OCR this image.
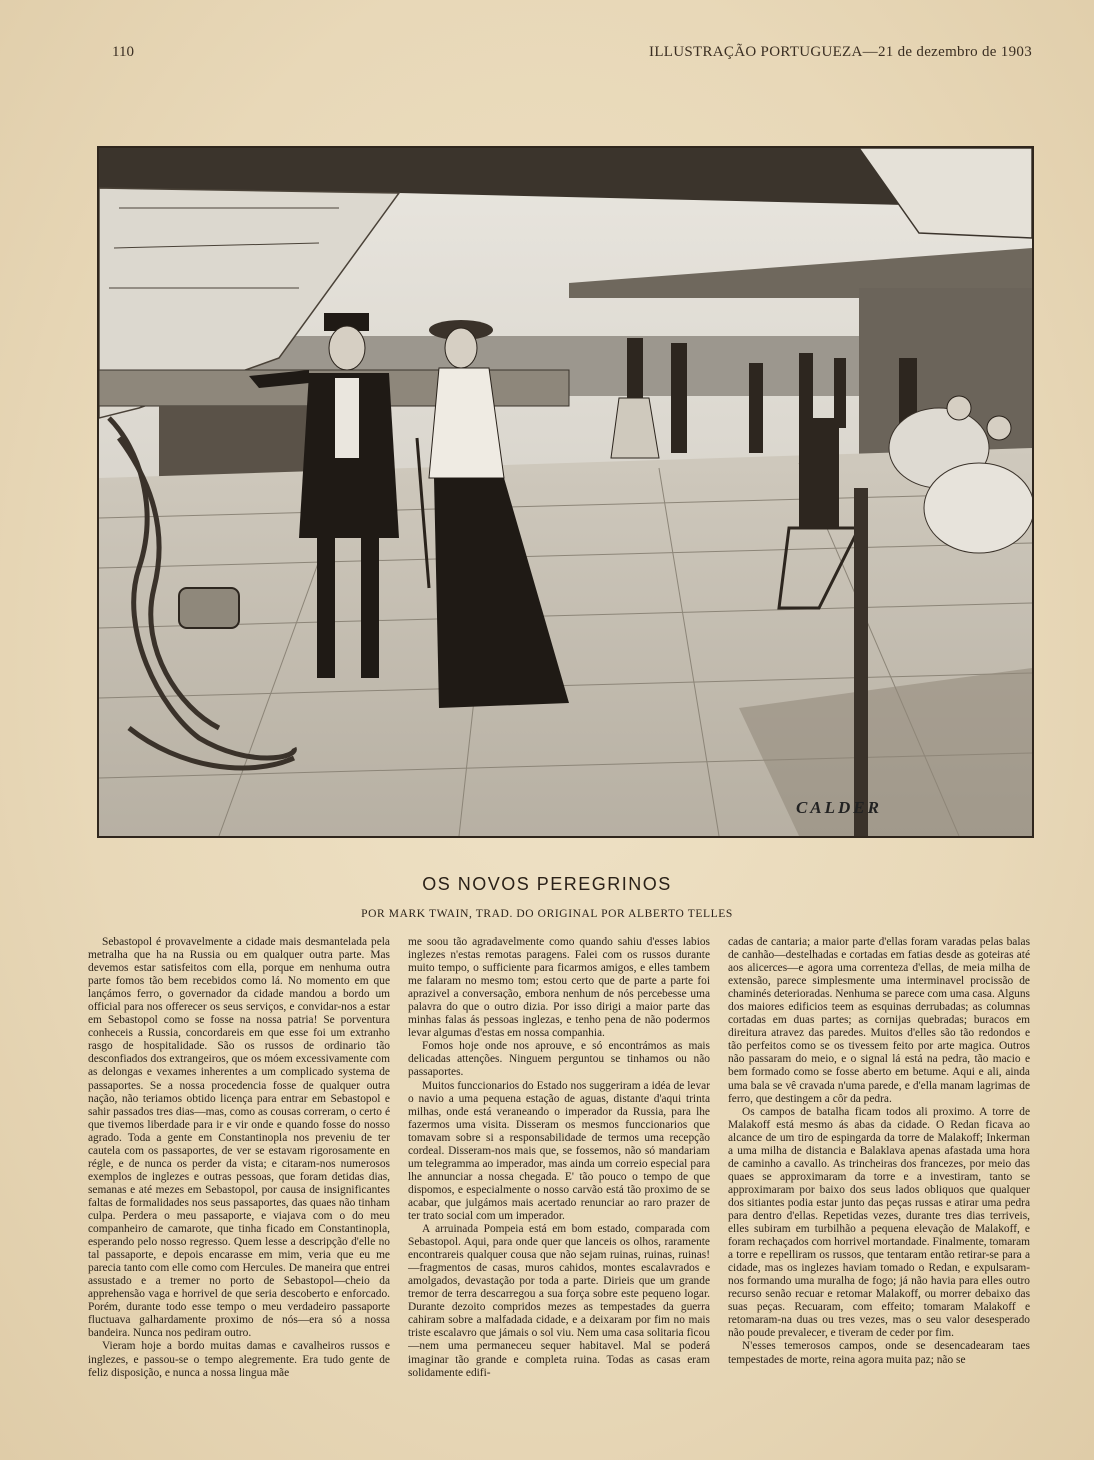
110	ILLUSTRAÇÃO PORTUGUEZA—21 de dezembro de 1903
CALDER
OS NOVOS PEREGRINOS
POR MARK TWAIN, TRAD. DO ORIGINAL POR ALBERTO TELLES

Sebastopol é provavelmente a cidade mais desmantelada pela metralha que ha na Russia ou em qualquer outra parte. Mas devemos estar satisfeitos com ella, porque em nenhuma outra parte fomos tão bem recebidos como lá. No momento em que lançámos ferro, o governador da cidade mandou a bordo um official para nos offerecer os seus serviços, e convidar-nos a estar em Sebastopol como se fosse na nossa patria! Se porventura conheceis a Russia, concordareis em que esse foi um extranho rasgo de hospitalidade. São os russos de ordinario tão desconfiados dos extrangeiros, que os móem excessivamente com as delongas e vexames inherentes a um complicado systema de passaportes. Se a nossa procedencia fosse de qualquer outra nação, não teriamos obtido licença para entrar em Sebastopol e sahir passados tres dias—mas, como as cousas correram, o certo é que tivemos liberdade para ir e vir onde e quando fosse do nosso agrado. Toda a gente em Constantinopla nos preveniu de ter cautela com os passaportes, de ver se estavam rigorosamente en régle, e de nunca os perder da vista; e citaram-nos numerosos exemplos de inglezes e outras pessoas, que foram detidas dias, semanas e até mezes em Sebastopol, por causa de insignificantes faltas de formalidades nos seus passaportes, das quaes não tinham culpa. Perdera o meu passaporte, e viajava com o do meu companheiro de camarote, que tinha ficado em Constantinopla, esperando pelo nosso regresso. Quem lesse a descripção d'elle no tal passaporte, e depois encarasse em mim, veria que eu me parecia tanto com elle como com Hercules. De maneira que entrei assustado e a tremer no porto de Sebastopol—cheio da apprehensão vaga e horrivel de que seria descoberto e enforcado. Porém, durante todo esse tempo o meu verdadeiro passaporte fluctuava galhardamente proximo de nós—era só a nossa bandeira. Nunca nos pediram outro.

Vieram hoje a bordo muitas damas e cavalheiros russos e inglezes, e passou-se o tempo alegremente. Era tudo gente de feliz disposição, e nunca a nossa lingua mãe

me soou tão agradavelmente como quando sahiu d'esses labios inglezes n'estas remotas paragens. Falei com os russos durante muito tempo, o sufficiente para ficarmos amigos, e elles tambem me falaram no mesmo tom; estou certo que de parte a parte foi aprazivel a conversação, embora nenhum de nós percebesse uma palavra do que o outro dizia. Por isso dirigi a maior parte das minhas falas ás pessoas inglezas, e tenho pena de não podermos levar algumas d'estas em nossa companhia.

Fomos hoje onde nos aprouve, e só encontrámos as mais delicadas attenções. Ninguem perguntou se tinhamos ou não passaportes.

Muitos funccionarios do Estado nos suggeriram a idéa de levar o navio a uma pequena estação de aguas, distante d'aqui trinta milhas, onde está veraneando o imperador da Russia, para lhe fazermos uma visita. Disseram os mesmos funccionarios que tomavam sobre si a responsabilidade de termos uma recepção cordeal. Disseram-nos mais que, se fossemos, não só mandariam um telegramma ao imperador, mas ainda um correio especial para lhe annunciar a nossa chegada. E' tão pouco o tempo de que dispomos, e especialmente o nosso carvão está tão proximo de se acabar, que julgámos mais acertado renunciar ao raro prazer de ter trato social com um imperador.

A arruinada Pompeia está em bom estado, comparada com Sebastopol. Aqui, para onde quer que lanceis os olhos, raramente encontrareis qualquer cousa que não sejam ruinas, ruinas, ruinas!—fragmentos de casas, muros cahidos, montes escalavrados e amolgados, devastação por toda a parte. Dirieis que um grande tremor de terra descarregou a sua força sobre este pequeno logar. Durante dezoito compridos mezes as tempestades da guerra cahiram sobre a malfadada cidade, e a deixaram por fim no mais triste escalavro que jámais o sol viu. Nem uma casa solitaria ficou—nem uma permaneceu sequer habitavel. Mal se poderá imaginar tão grande e completa ruina. Todas as casas eram solidamente edifi-

cadas de cantaria; a maior parte d'ellas foram varadas pelas balas de canhão—destelhadas e cortadas em fatias desde as goteiras até aos alicerces—e agora uma correnteza d'ellas, de meia milha de extensão, parece simplesmente uma interminavel procissão de chaminés deterioradas. Nenhuma se parece com uma casa. Alguns dos maiores edificios teem as esquinas derrubadas; as columnas cortadas em duas partes; as cornijas quebradas; buracos em direitura atravez das paredes. Muitos d'elles são tão redondos e tão perfeitos como se os tivessem feito por arte magica. Outros não passaram do meio, e o signal lá está na pedra, tão macio e bem formado como se fosse aberto em betume. Aqui e ali, ainda uma bala se vê cravada n'uma parede, e d'ella manam lagrimas de ferro, que destingem a côr da pedra.

Os campos de batalha ficam todos ali proximo. A torre de Malakoff está mesmo ás abas da cidade. O Redan ficava ao alcance de um tiro de espingarda da torre de Malakoff; Inkerman a uma milha de distancia e Balaklava apenas afastada uma hora de caminho a cavallo. As trincheiras dos francezes, por meio das quaes se approximaram da torre e a investiram, tanto se approximaram por baixo dos seus lados obliquos que qualquer dos sitiantes podia estar junto das peças russas e atirar uma pedra para dentro d'ellas. Repetidas vezes, durante tres dias terriveis, elles subiram em turbilhão a pequena elevação de Malakoff, e foram rechaçados com horrivel mortandade. Finalmente, tomaram a torre e repelliram os russos, que tentaram então retirar-se para a cidade, mas os inglezes haviam tomado o Redan, e expulsaram-nos formando uma muralha de fogo; já não havia para elles outro recurso senão recuar e retomar Malakoff, ou morrer debaixo das suas peças. Recuaram, com effeito; tomaram Malakoff e retomaram-na duas ou tres vezes, mas o seu valor desesperado não poude prevalecer, e tiveram de ceder por fim.

N'esses temerosos campos, onde se desencadearam taes tempestades de morte, reina agora muita paz; não se
